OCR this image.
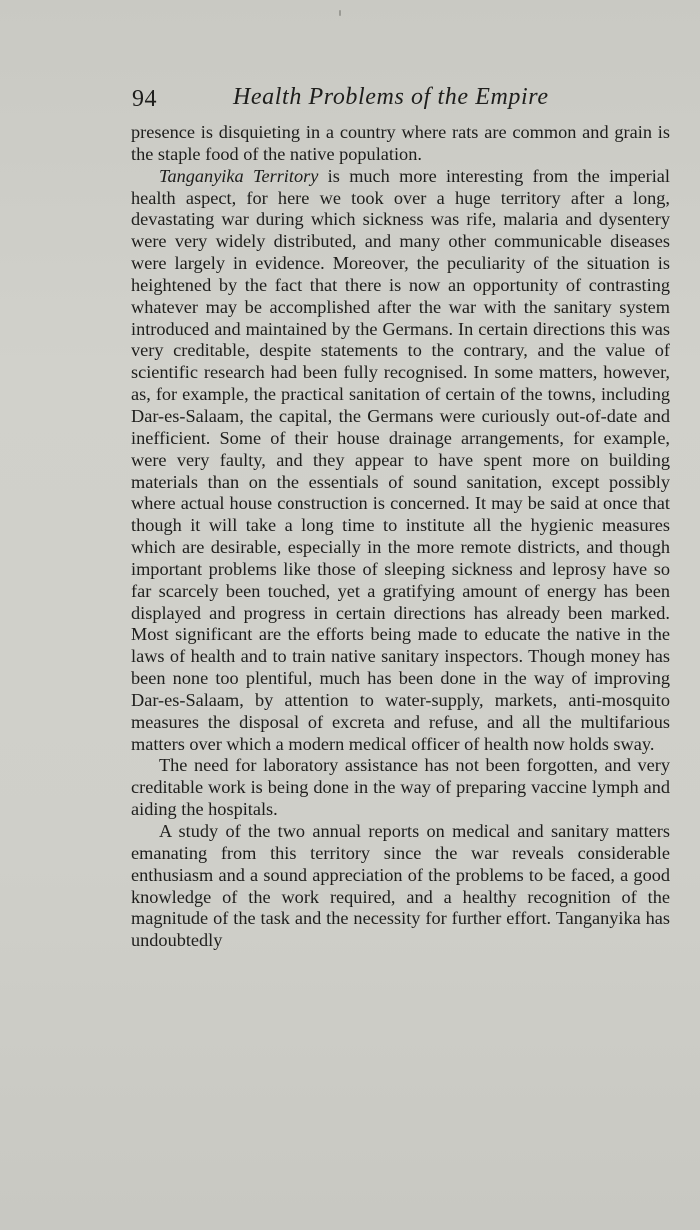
94	Health Problems of the Empire

presence is disquieting in a country where rats are common and grain is the staple food of the native population.

Tanganyika Territory is much more interesting from the imperial health aspect, for here we took over a huge territory after a long, devastating war during which sickness was rife, malaria and dysentery were very widely distributed, and many other communicable diseases were largely in evidence. Moreover, the peculiarity of the situation is heightened by the fact that there is now an opportunity of contrasting whatever may be accomplished after the war with the sanitary system introduced and maintained by the Germans. In certain directions this was very creditable, despite statements to the contrary, and the value of scientific research had been fully recognised. In some matters, however, as, for example, the practical sanitation of certain of the towns, including Dar-es-Salaam, the capital, the Germans were curiously out-of-date and inefficient. Some of their house drainage arrangements, for example, were very faulty, and they appear to have spent more on building materials than on the essentials of sound sanitation, except possibly where actual house construction is concerned. It may be said at once that though it will take a long time to institute all the hygienic measures which are desirable, especially in the more remote districts, and though important problems like those of sleeping sickness and leprosy have so far scarcely been touched, yet a gratifying amount of energy has been displayed and progress in certain directions has already been marked. Most significant are the efforts being made to educate the native in the laws of health and to train native sanitary inspectors. Though money has been none too plentiful, much has been done in the way of improving Dar-es-Salaam, by attention to water-supply, markets, anti-mosquito measures the disposal of excreta and refuse, and all the multifarious matters over which a modern medical officer of health now holds sway.

The need for laboratory assistance has not been forgotten, and very creditable work is being done in the way of preparing vaccine lymph and aiding the hospitals.

A study of the two annual reports on medical and sanitary matters emanating from this territory since the war reveals considerable enthusiasm and a sound appreciation of the problems to be faced, a good knowledge of the work required, and a healthy recognition of the magnitude of the task and the necessity for further effort. Tanganyika has undoubtedly
